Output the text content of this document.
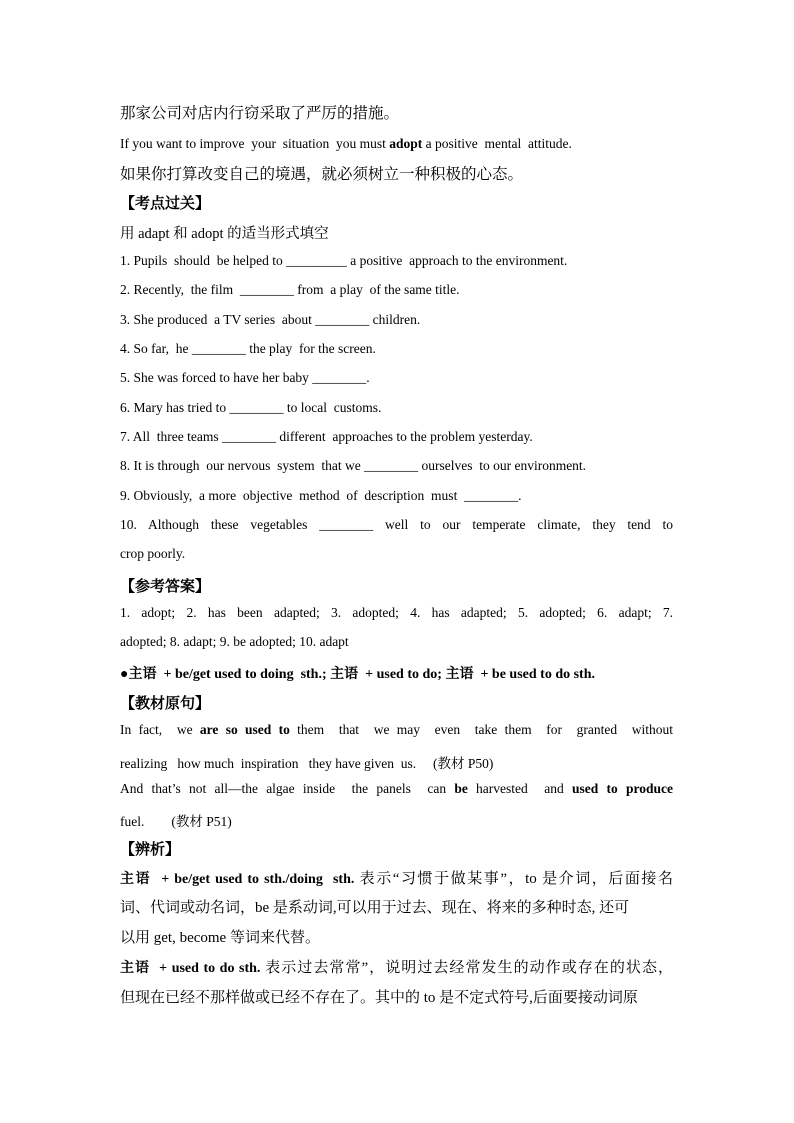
那家公司对店内行窃采取了严厉的措施。
If you want to improve  your  situation  you must adopt a positive  mental  attitude.
如果你打算改变自己的境遇，就必须树立一种积极的心态。
【考点过关】
用 adapt 和 adopt 的适当形式填空
1. Pupils  should  be helped to _________ a positive  approach to the environment.
2. Recently,  the film  ________ from  a play  of the same title.
3. She produced  a TV series  about ________ children.
4. So far,  he ________ the play  for the screen.
5. She was forced to have her baby ________.
6. Mary has tried to ________ to local  customs.
7. All  three teams ________ different  approaches to the problem yesterday.
8. It is through  our nervous  system  that we ________ ourselves  to our environment.
9. Obviously,  a more  objective  method  of  description  must  ________.
10. Although these vegetables ________ well to our temperate climate, they tend to
crop poorly.
【参考答案】
1. adopt; 2. has been adapted; 3. adopted; 4. has adapted; 5. adopted; 6. adapt; 7.
adopted; 8. adapt; 9. be adopted; 10. adapt
●主语  + be/get used to doing  sth.; 主语  + used to do; 主语  + be used to do sth.
【教材原句】
In fact,  we are so used to them  that  we may  even  take them  for  granted  without
realizing   how much  inspiration   they have given  us.     (教材 P50)
And that’s not all—the algae inside  the panels  can be harvested  and used to produce
fuel.        (教材 P51)
【辨析】
主语  + be/get used to sth./doing  sth. 表示“习惯于做某事”，to 是介词，后面接名
词、代词或动名词，be 是系动词,可以用于过去、现在、将来的多种时态, 还可
以用 get, become 等词来代替。
主语  + used to do sth. 表示过去常常”，说明过去经常发生的动作或存在的状态，
但现在已经不那样做或已经不存在了。其中的 to 是不定式符号,后面要接动词原
